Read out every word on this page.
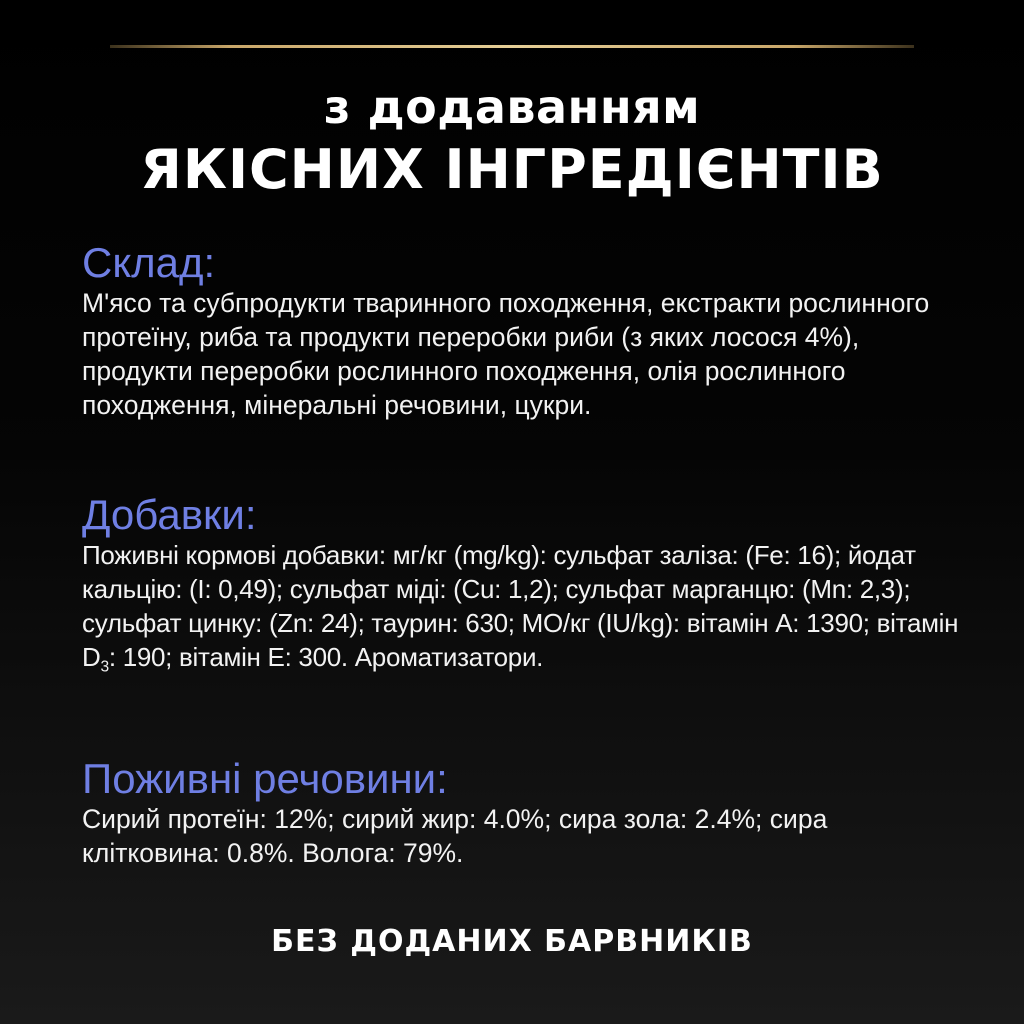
з додаванням
ЯКІСНИХ ІНГРЕДІЄНТІВ
Склад:
М'ясо та субпродукти тваринного походження, екстракти рослинного протеїну, риба та продукти переробки риби (з яких лосося 4%), продукти переробки рослинного походження, олія рослинного походження, мінеральні речовини, цукри.
Добавки:
Поживні кормові добавки: мг/кг (mg/kg): сульфат заліза: (Fe: 16); йодат кальцію: (I: 0,49); сульфат міді: (Cu: 1,2); сульфат марганцю: (Mn: 2,3); сульфат цинку: (Zn: 24); таурин: 630; МО/кг (IU/kg): вітамін A: 1390; вітамін $D_3$: 190; вітамін E: 300. Ароматизатори.
Поживні речовини:
Сирий протеїн: 12%; сирий жир: 4.0%; сира зола: 2.4%; сира клітковина: 0.8%. Волога: 79%.
БЕЗ ДОДАНИХ БАРВНИКІВ
